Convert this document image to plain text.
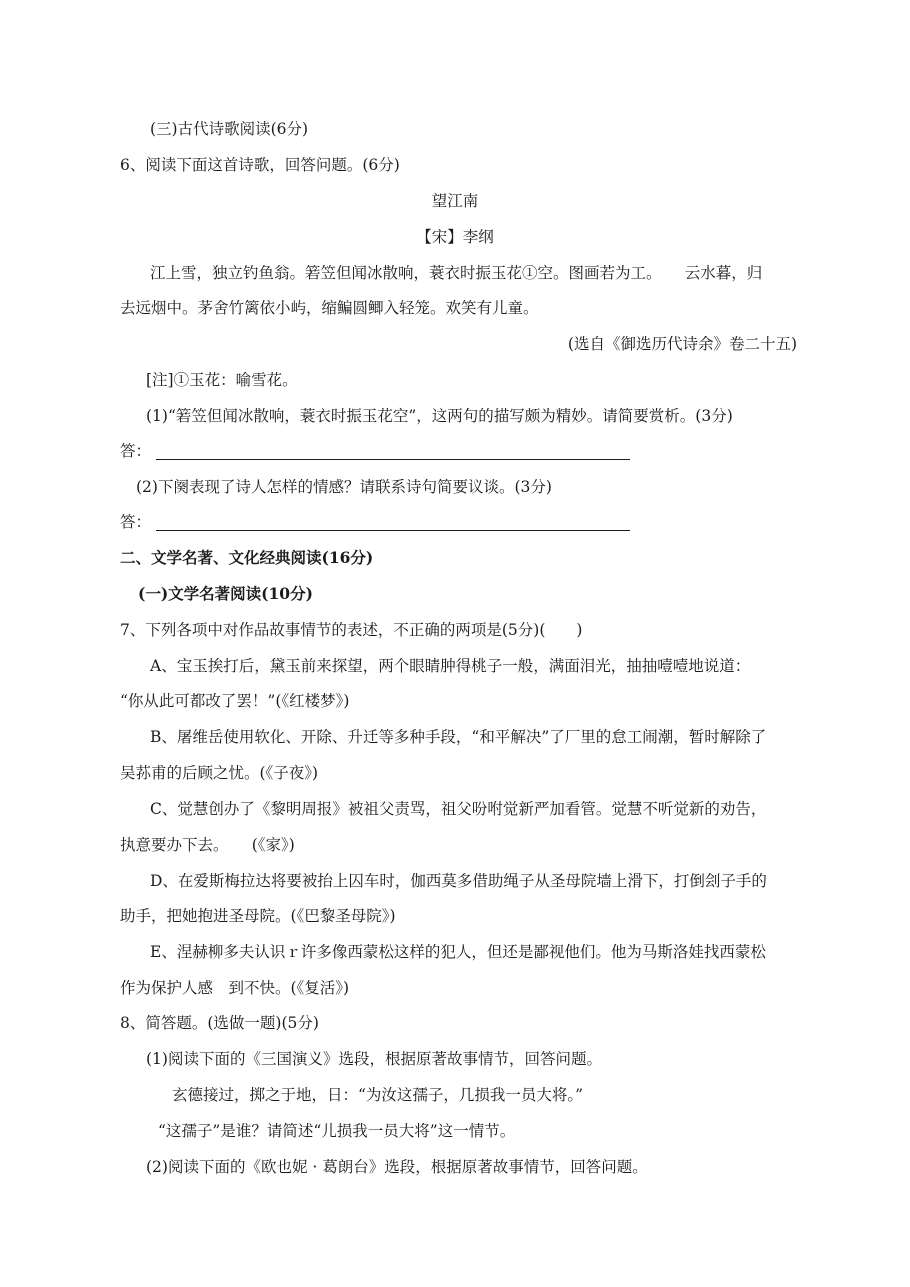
(三)古代诗歌阅读(6分)
6、阅读下面这首诗歌，回答问题。(6分)
望江南
【宋】李纲
江上雪，独立钓鱼翁。箬笠但闻冰散响，蓑衣时振玉花①空。图画若为工。　　云水暮，归
去远烟中。茅舍竹篱依小屿，缩鳊圆鲫入轻笼。欢笑有儿童。
(选自《御选历代诗余》卷二十五)
[注]①玉花：喻雪花。
(1)“箬笠但闻冰散响，蓑衣时振玉花空”，这两句的描写颇为精妙。请简要赏析。(3分)
答：
(2)下阕表现了诗人怎样的情感？请联系诗句简要议谈。(3分)
答：
二、文学名著、文化经典阅读(16分)
(一)文学名著阅读(10分)
7、下列各项中对作品故事情节的表述，不正确的两项是(5分)(　　)
A、宝玉挨打后，黛玉前来探望，两个眼睛肿得桃子一般，满面泪光，抽抽噎噎地说道：
“你从此可都改了罢！”(《红楼梦》)
B、屠维岳使用软化、开除、升迁等多种手段，“和平解决”了厂里的怠工闹潮，暂时解除了
吴荪甫的后顾之忧。(《子夜》)
C、觉慧创办了《黎明周报》被祖父责骂，祖父吩咐觉新严加看管。觉慧不听觉新的劝告，
执意要办下去。　　(《家》)
D、在爱斯梅拉达将要被抬上囚车时，伽西莫多借助绳子从圣母院墙上滑下，打倒刽子手的
助手，把她抱进圣母院。(《巴黎圣母院》)
E、涅赫柳多夫认识ｒ许多像西蒙松这样的犯人，但还是鄙视他们。他为马斯洛娃找西蒙松
作为保护人感　到不快。(《复活》)
8、简答题。(选做一题)(5分)
(1)阅读下面的《三国演义》选段，根据原著故事情节，回答问题。
玄德接过，掷之于地，日：“为汝这孺子，几损我一员大将。”
“这孺子”是谁？请简述“儿损我一员大将”这一情节。
(2)阅读下面的《欧也妮 · 葛朗台》选段，根据原著故事情节，回答问题。
